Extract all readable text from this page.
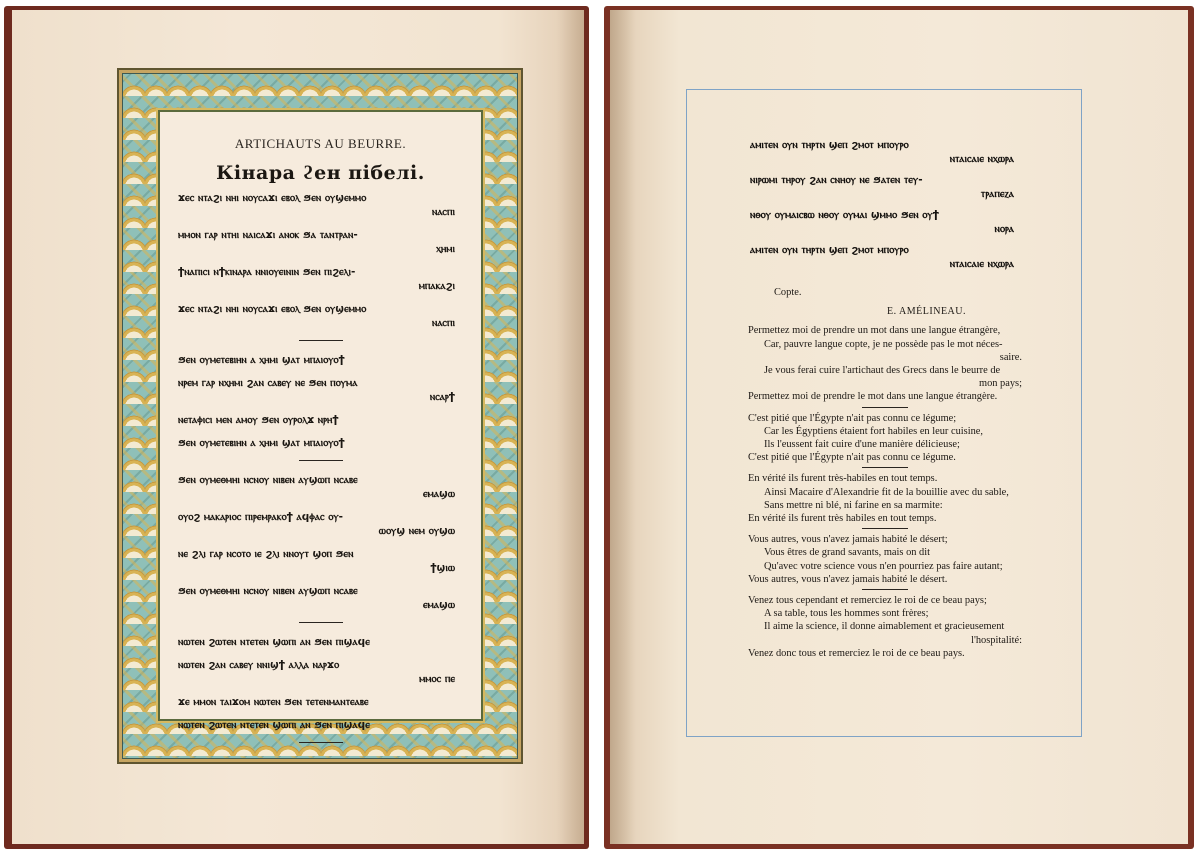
ARTICHAUTS AU BEURRE.
Кінара ϩен пібелі.
ϫⲉⲥ ⲛⲧⲁϩⲓ ⲛⲏⲓ ⲛⲟⲩⲥⲁϫⲓ ⲉⲃⲟⲗ ϧⲉⲛ ⲟⲩϣⲉⲙⲙⲟ
ⲛⲁⲥⲡⲓ
ⲙⲙⲟⲛ ⲅⲁⲣ ⲛⲧⲏⲓ ⲛⲁⲓⲥⲁϫⲓ ⲁⲛⲟⲕ ϧⲁ ⲧⲁⲛⲧⲣⲁⲛ-
ⲭⲏⲙⲓ
ϯⲛⲁⲡⲓⲥⲓ ⲛϯⲕⲓⲛⲁⲣⲁ ⲛⲛⲓⲟⲩⲉⲓⲛⲓⲛ ϧⲉⲛ ⲡⲓϩⲉⲗⲓ-
ⲙⲡⲁⲕⲁϩⲓ
ϫⲉⲥ ⲛⲧⲁϩⲓ ⲛⲏⲓ ⲛⲟⲩⲥⲁϫⲓ ⲉⲃⲟⲗ ϧⲉⲛ ⲟⲩϣⲉⲙⲙⲟ
ⲛⲁⲥⲡⲓ
ϧⲉⲛ ⲟⲩⲙⲉⲧⲉⲃⲓⲏⲛ ⲁ ⲭⲏⲙⲓ ϣⲁⲧ ⲙⲡⲁⲓⲟⲩⲟϯ
ⲛⲣⲉⲙ ⲅⲁⲣ ⲛⲭⲏⲙⲓ ϩⲁⲛ ⲥⲁⲃⲉⲩ ⲛⲉ ϧⲉⲛ ⲡⲟⲩⲙⲁ
ⲛⲥⲁⲣϯ
ⲛⲉⲧⲁⲫⲓⲥⲓ ⲙⲉⲛ ⲁⲙⲟⲩ ϧⲉⲛ ⲟⲩⲣⲟⲗϫ ⲛⲣⲏϯ
ϧⲉⲛ ⲟⲩⲙⲉⲧⲉⲃⲓⲏⲛ ⲁ ⲭⲏⲙⲓ ϣⲁⲧ ⲙⲡⲁⲓⲟⲩⲟϯ
ϧⲉⲛ ⲟⲩⲙⲉⲑⲙⲏⲓ ⲛⲥⲛⲟⲩ ⲛⲓⲃⲉⲛ ⲁⲩϣⲱⲡ ⲛⲥⲁⲃⲉ
ⲉⲙⲁϣⲱ
ⲟⲩⲟϩ ⲙⲁⲕⲁⲣⲓⲟⲥ ⲡⲓⲣⲉⲙⲣⲁⲕⲟϯ ⲁϥⲫⲁⲥ ⲟⲩ-
ⲱⲟⲩϣ ⲛⲉⲙ ⲟⲩϣⲱ
ⲛⲉ ϩⲗⲓ ⲅⲁⲣ ⲛⲥⲟⲧⲟ ⲓⲉ ϩⲗⲓ ⲛⲛⲟⲩⲧ ϣⲟⲡ ϧⲉⲛ
ϯϣⲓⲱ
ϧⲉⲛ ⲟⲩⲙⲉⲑⲙⲏⲓ ⲛⲥⲛⲟⲩ ⲛⲓⲃⲉⲛ ⲁⲩϣⲱⲡ ⲛⲥⲁⲃⲉ
ⲉⲙⲁϣⲱ
ⲛⲱⲧⲉⲛ ϩⲱⲧⲉⲛ ⲛⲧⲉⲧⲉⲛ ϣⲱⲡⲓ ⲁⲛ ϧⲉⲛ ⲡⲓϣⲁϥⲉ
ⲛⲱⲧⲉⲛ ϩⲁⲛ ⲥⲁⲃⲉⲩ ⲛⲛⲓϣϯ ⲁⲗⲗⲁ ⲛⲁⲣϫⲟ
ⲙⲙⲟⲥ ⲡⲉ
ϫⲉ ⲙⲙⲟⲛ ⲧⲁⲓϫⲟⲙ ⲛⲱⲧⲉⲛ ϧⲉⲛ ⲧⲉⲧⲉⲛⲙⲁⲛⲧⲉⲁⲃⲉ
ⲛⲱⲧⲉⲛ ϩⲱⲧⲉⲛ ⲛⲧⲉⲧⲉⲛ ϣⲱⲡⲓ ⲁⲛ ϧⲉⲛ ⲡⲓϣⲁϥⲉ
ⲁⲙⲓⲧⲉⲛ ⲟⲩⲛ ⲧⲏⲣⲧⲛ ϣⲉⲡ ϩⲙⲟⲧ ⲙⲡⲟⲩⲣⲟ
ⲛⲧⲁⲓⲥⲁⲓⲉ ⲛⲭⲱⲣⲁ
ⲛⲓⲣⲱⲙⲓ ⲧⲏⲣⲟⲩ ϩⲁⲛ ⲥⲛⲏⲟⲩ ⲛⲉ ϧⲁⲧⲉⲛ ⲧⲉⲩ-
ⲧⲣⲁⲡⲉⲍⲁ
ⲛⲑⲟⲩ ⲟⲩⲙⲁⲓⲥⲃⲱ ⲛⲑⲟⲩ ⲟⲩⲙⲁⲓ ϣⲙⲙⲟ ϧⲉⲛ ⲟⲩϯ
ⲛⲟⲣⲁ
ⲁⲙⲓⲧⲉⲛ ⲟⲩⲛ ⲧⲏⲣⲧⲛ ϣⲉⲡ ϩⲙⲟⲧ ⲙⲡⲟⲩⲣⲟ
ⲛⲧⲁⲓⲥⲁⲓⲉ ⲛⲭⲱⲣⲁ
Copte.
E. AMÉLINEAU.
Permettez moi de prendre un mot dans une langue étrangère,
Car, pauvre langue copte, je ne possède pas le mot néces-
saire.
Je vous ferai cuire l'artichaut des Grecs dans le beurre de
mon pays;
Permettez moi de prendre le mot dans une langue étrangère.
C'est pitié que l'Égypte n'ait pas connu ce légume;
Car les Égyptiens étaient fort habiles en leur cuisine,
Ils l'eussent fait cuire d'une manière délicieuse;
C'est pitié que l'Égypte n'ait pas connu ce légume.
En vérité ils furent très-habiles en tout temps.
Ainsi Macaire d'Alexandrie fit de la bouillie avec du sable,
Sans mettre ni blé, ni farine en sa marmite:
En vérité ils furent très habiles en tout temps.
Vous autres, vous n'avez jamais habité le désert;
Vous êtres de grand savants, mais on dit
Qu'avec votre science vous n'en pourriez pas faire autant;
Vous autres, vous n'avez jamais habité le désert.
Venez tous cependant et remerciez le roi de ce beau pays;
A sa table, tous les hommes sont frères;
Il aime la science, il donne aimablement et gracieusement
l'hospitalité:
Venez donc tous et remerciez le roi de ce beau pays.
